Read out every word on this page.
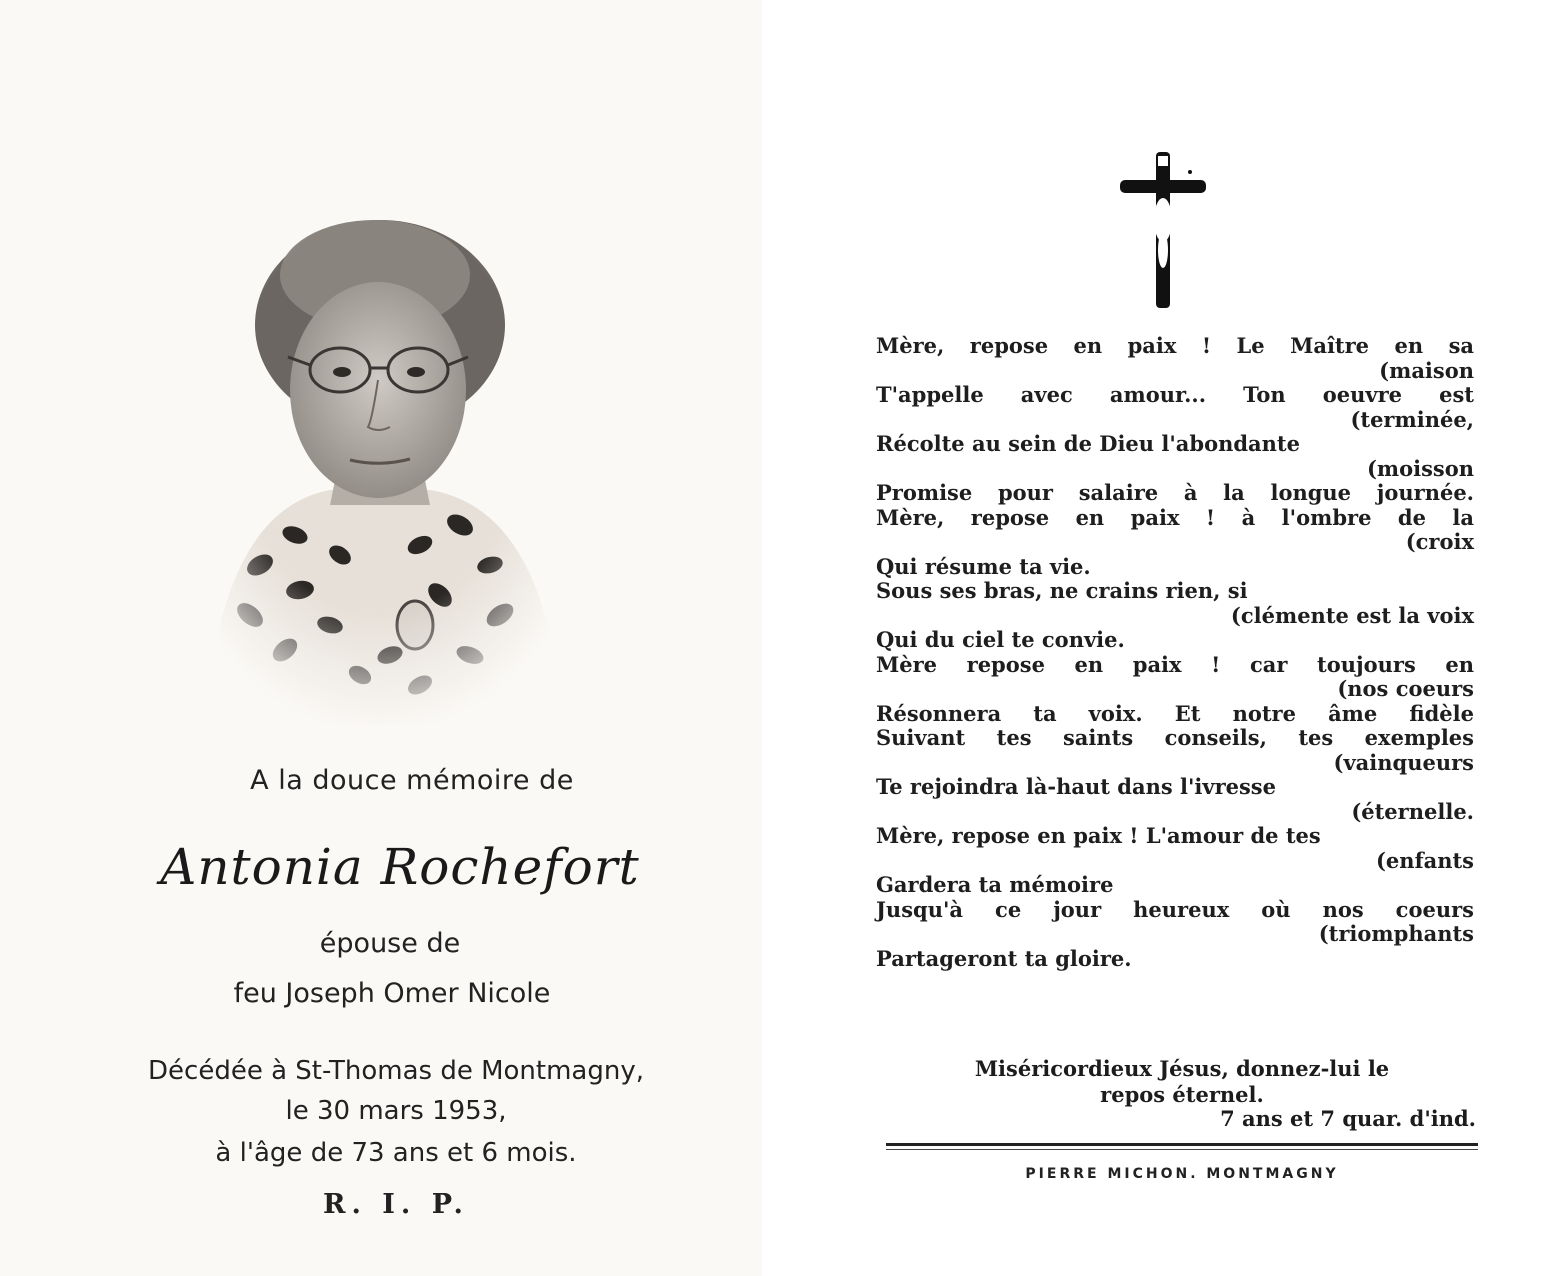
A la douce mémoire de
Antonia Rochefort
épouse de
feu Joseph Omer Nicole
Décédée à St-Thomas de Montmagny,
le 30 mars 1953,
à l'âge de 73 ans et 6 mois.
R. I. P.
Mère, repose en paix ! Le Maître en sa
(maison
T'appelle avec amour... Ton oeuvre est
(terminée,
Récolte au sein de Dieu l'abondante
(moisson
Promise pour salaire à la longue journée.
Mère, repose en paix ! à l'ombre de la
(croix
Qui résume ta vie.
Sous ses bras, ne crains rien, si
(clémente est la voix
Qui du ciel te convie.
Mère repose en paix ! car toujours en
(nos coeurs
Résonnera ta voix. Et notre âme fidèle
Suivant tes saints conseils, tes exemples
(vainqueurs
Te rejoindra là-haut dans l'ivresse
(éternelle.
Mère, repose en paix ! L'amour de tes
(enfants
Gardera ta mémoire
Jusqu'à ce jour heureux où nos coeurs
(triomphants
Partageront ta gloire.
Miséricordieux Jésus, donnez-lui le
repos éternel.
7 ans et 7 quar. d'ind.
PIERRE MICHON. MONTMAGNY
